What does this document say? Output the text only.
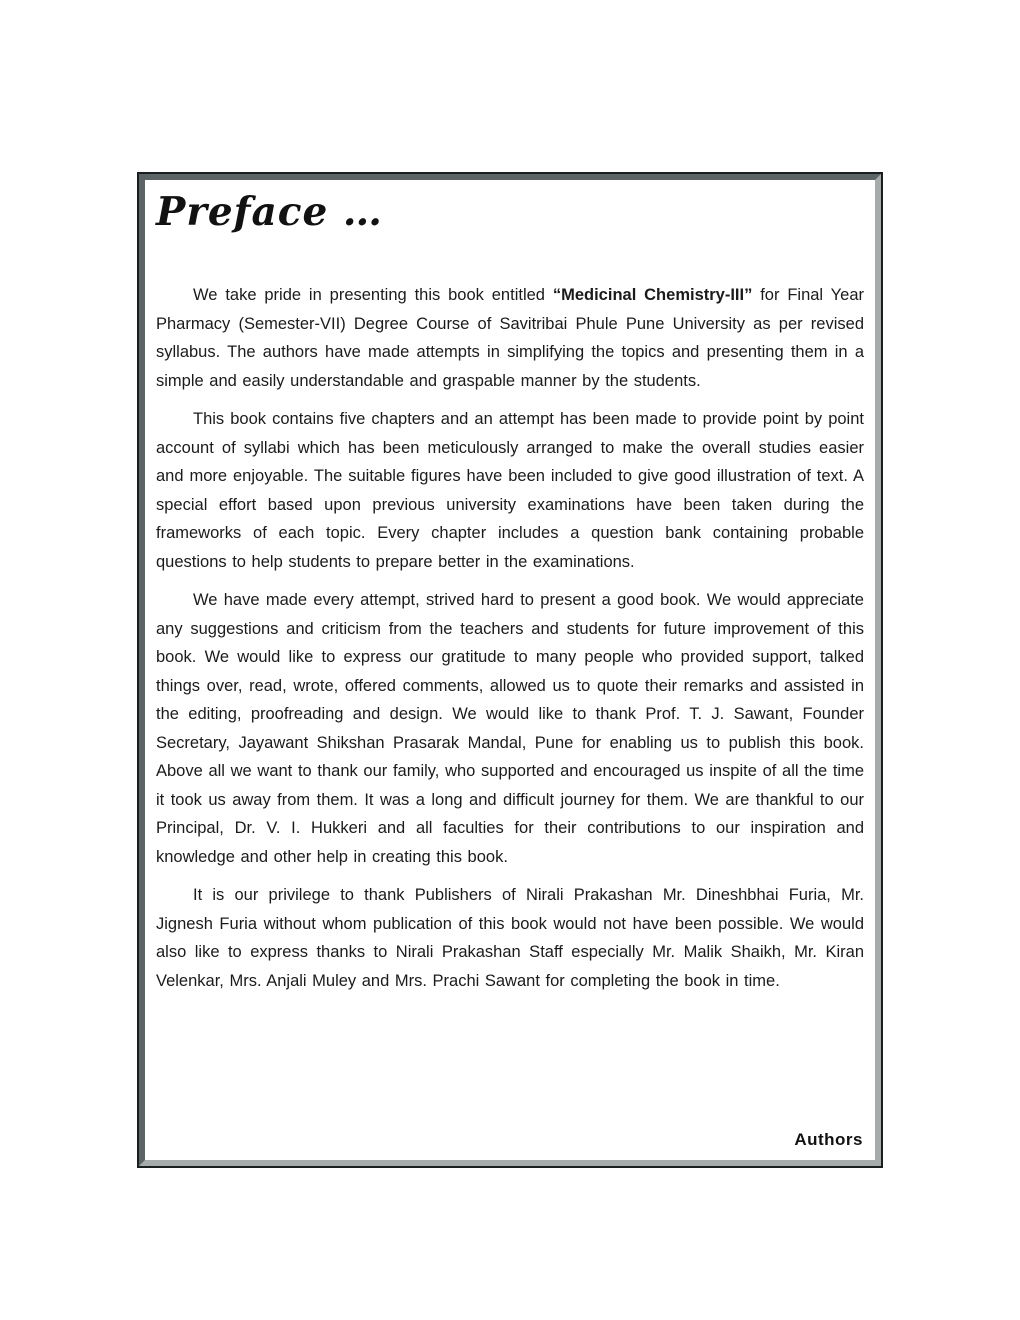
Preface …

We take pride in presenting this book entitled “Medicinal Chemistry-III” for Final Year Pharmacy (Semester-VII) Degree Course of Savitribai Phule Pune University as per revised syllabus. The authors have made attempts in simplifying the topics and presenting them in a simple and easily understandable and graspable manner by the students.

This book contains five chapters and an attempt has been made to provide point by point account of syllabi which has been meticulously arranged to make the overall studies easier and more enjoyable. The suitable figures have been included to give good illustration of text. A special effort based upon previous university examinations have been taken during the frameworks of each topic. Every chapter includes a question bank containing probable questions to help students to prepare better in the examinations.

We have made every attempt, strived hard to present a good book. We would appreciate any suggestions and criticism from the teachers and students for future improvement of this book. We would like to express our gratitude to many people who provided support, talked things over, read, wrote, offered comments, allowed us to quote their remarks and assisted in the editing, proofreading and design. We would like to thank Prof. T. J. Sawant, Founder Secretary, Jayawant Shikshan Prasarak Mandal, Pune for enabling us to publish this book. Above all we want to thank our family, who supported and encouraged us inspite of all the time it took us away from them. It was a long and difficult journey for them. We are thankful to our Principal, Dr. V. I. Hukkeri and all faculties for their contributions to our inspiration and knowledge and other help in creating this book.

It is our privilege to thank Publishers of Nirali Prakashan Mr. Dineshbhai Furia, Mr. Jignesh Furia without whom publication of this book would not have been possible. We would also like to express thanks to Nirali Prakashan Staff especially Mr. Malik Shaikh, Mr. Kiran Velenkar, Mrs. Anjali Muley and Mrs. Prachi Sawant for completing the book in time.

Authors
